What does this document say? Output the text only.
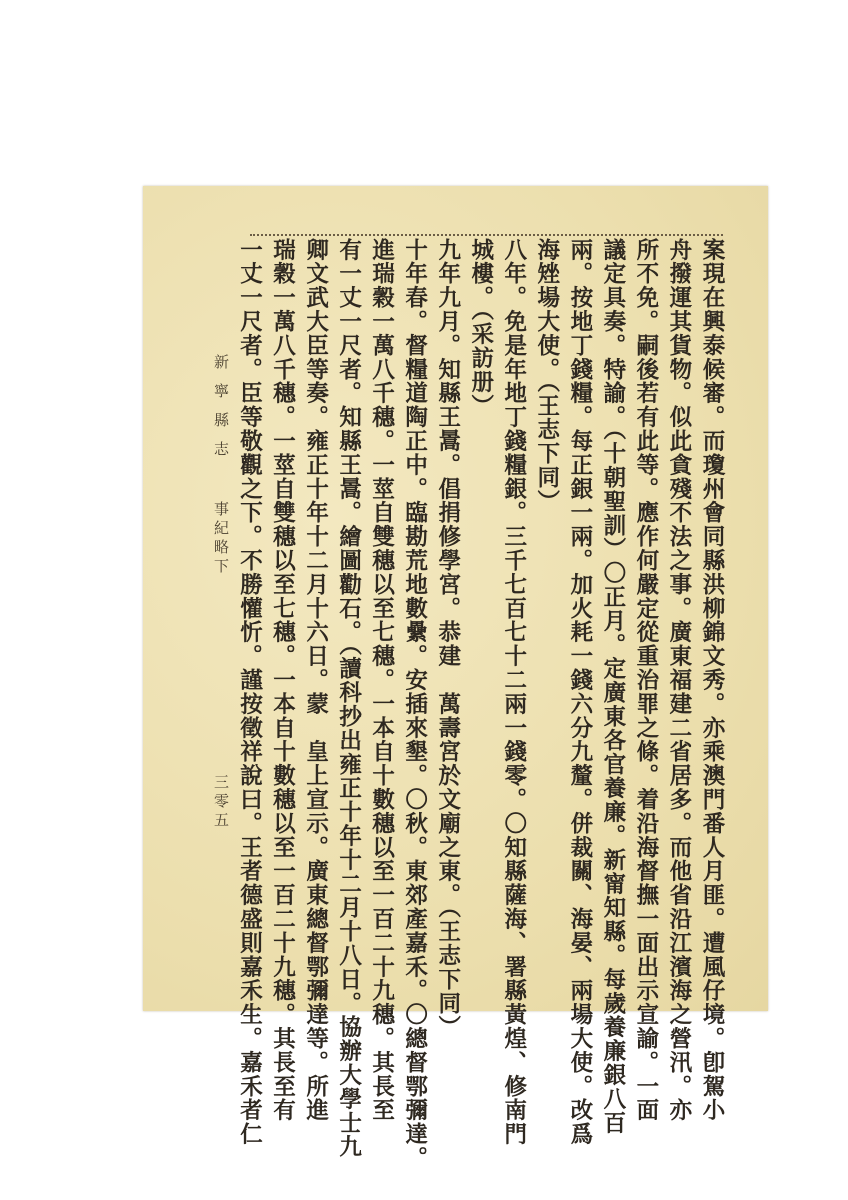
案現在興泰候審。而瓊州會同縣洪柳錦文秀。亦乘澳門番人月匪。遭風仔境。卽駕小
舟撥運其貨物。似此貪殘不法之事。廣東福建二省居多。而他省沿江濱海之營汛。亦
所不免。嗣後若有此等。應作何嚴定從重治罪之條。着沿海督撫一面出示宣諭。一面
議定具奏。特諭。（十朝聖訓）〇正月。定廣東各官養廉。新甯知縣。每歲養廉銀八百
兩。按地丁錢糧。每正銀一兩。加火耗一錢六分九釐。併裁關、海晏、兩場大使。改爲
海矬場大使。（王志下同）
八年。免是年地丁錢糧銀。三千七百七十二兩一錢零。〇知縣薩海、署縣黃煌、修南門
城樓。（采訪册）
九年九月。知縣王暠。倡捐修學宮。恭建　萬壽宮於文廟之東。（王志下同）
十年春。督糧道陶正中。臨勘荒地數纍。安插來墾。〇秋。東郊產嘉禾。〇總督鄂彌達。
進瑞穀一萬八千穗。一莖自雙穗以至七穗。一本自十數穗以至一百二十九穗。其長至
有一丈一尺者。知縣王暠。繪圖勸石。（讀科抄出雍正十年十二月十八日。協辦大學士九
卿文武大臣等奏。雍正十年十二月十六日。蒙　皇上宣示。廣東總督鄂彌達等。所進
瑞穀一萬八千穗。一莖自雙穗以至七穗。一本自十數穗以至一百二十九穗。其長至有
一丈一尺者。臣等敬觀之下。不勝懽忻。謹按徵祥說曰。王者德盛則嘉禾生。嘉禾者仁
新寧縣志
事紀略下
三零五
